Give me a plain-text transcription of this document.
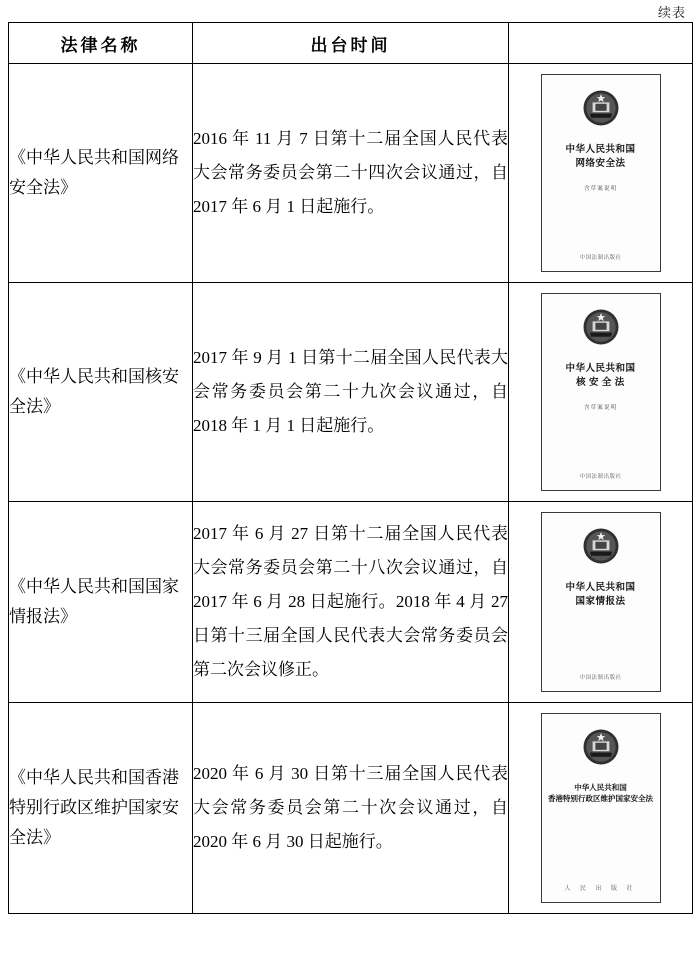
续表
法律名称	出台时间	
《中华人民共和国网络安全法》	2016 年 11 月 7 日第十二届全国人民代表大会常务委员会第二十四次会议通过，自 2017 年 6 月 1 日起施行。	中华人民共和国
网络安全法
含草案说明
中国法制出版社

《中华人民共和国核安全法》	2017 年 9 月 1 日第十二届全国人民代表大会常务委员会第二十九次会议通过，自 2018 年 1 月 1 日起施行。	中华人民共和国
核 安 全 法
含草案说明
中国法制出版社

《中华人民共和国国家情报法》	2017 年 6 月 27 日第十二届全国人民代表大会常务委员会第二十八次会议通过，自 2017 年 6 月 28 日起施行。2018 年 4 月 27 日第十三届全国人民代表大会常务委员会第二次会议修正。	中华人民共和国
国家情报法
中国法制出版社

《中华人民共和国香港特别行政区维护国家安全法》	2020 年 6 月 30 日第十三届全国人民代表大会常务委员会第二十次会议通过，自 2020 年 6 月 30 日起施行。	中华人民共和国
香港特别行政区维护国家安全法
人 民 出 版 社
